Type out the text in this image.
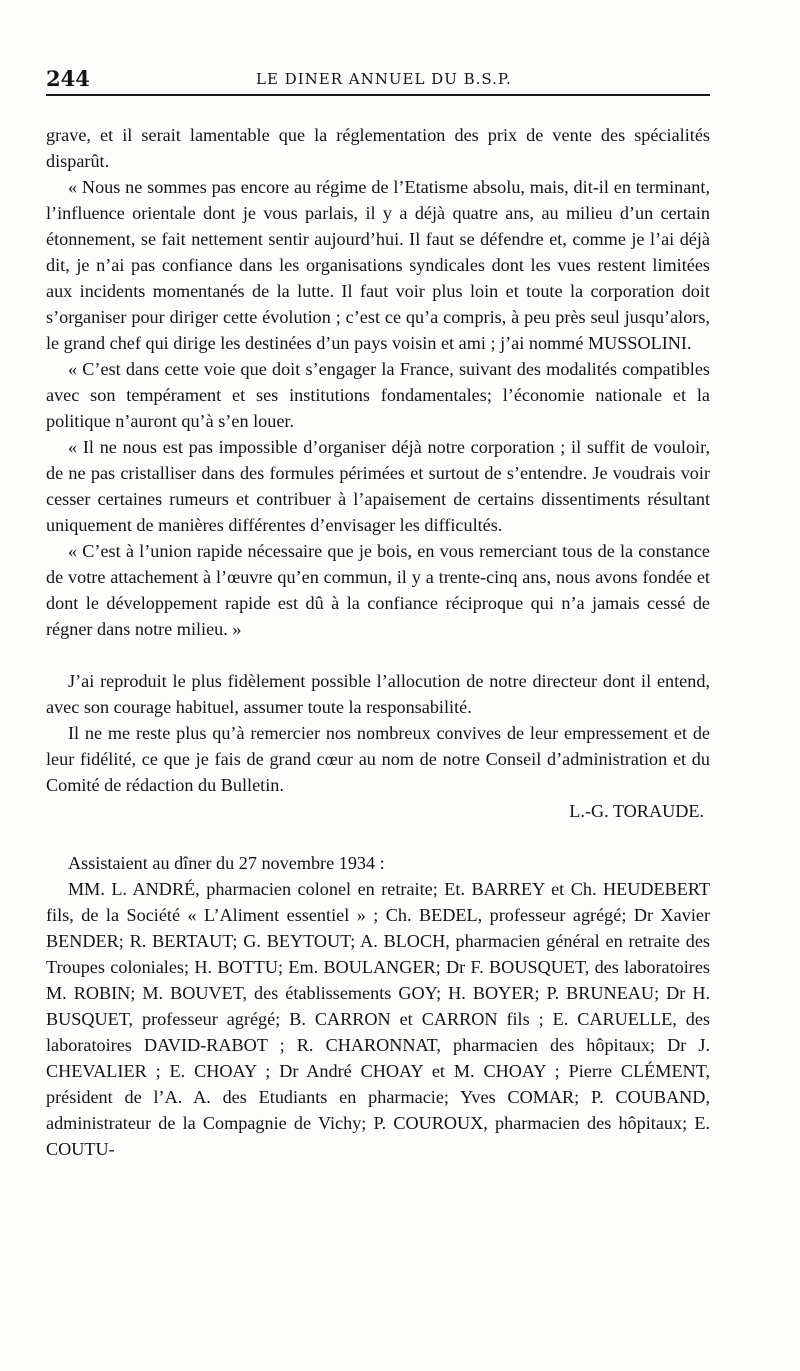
244	LE DINER ANNUEL DU B.S.P.

grave, et il serait lamentable que la réglementation des prix de vente des spécialités disparût.

« Nous ne sommes pas encore au régime de l’Etatisme absolu, mais, dit-il en terminant, l’influence orientale dont je vous parlais, il y a déjà quatre ans, au milieu d’un certain étonnement, se fait nettement sentir aujourd’hui. Il faut se défendre et, comme je l’ai déjà dit, je n’ai pas confiance dans les organisations syndicales dont les vues restent limitées aux incidents momentanés de la lutte. Il faut voir plus loin et toute la corporation doit s’organiser pour diriger cette évolution ; c’est ce qu’a compris, à peu près seul jusqu’alors, le grand chef qui dirige les destinées d’un pays voisin et ami ; j’ai nommé MUSSOLINI.

« C’est dans cette voie que doit s’engager la France, suivant des modalités compatibles avec son tempérament et ses institutions fondamentales; l’économie nationale et la politique n’auront qu’à s’en louer.

« Il ne nous est pas impossible d’organiser déjà notre corporation ; il suffit de vouloir, de ne pas cristalliser dans des formules périmées et surtout de s’entendre. Je voudrais voir cesser certaines rumeurs et contribuer à l’apaisement de certains dissentiments résultant uniquement de manières différentes d’envisager les difficultés.

« C’est à l’union rapide nécessaire que je bois, en vous remerciant tous de la constance de votre attachement à l’œuvre qu’en commun, il y a trente-cinq ans, nous avons fondée et dont le développement rapide est dû à la confiance réciproque qui n’a jamais cessé de régner dans notre milieu. »

J’ai reproduit le plus fidèlement possible l’allocution de notre directeur dont il entend, avec son courage habituel, assumer toute la responsabilité.

Il ne me reste plus qu’à remercier nos nombreux convives de leur empressement et de leur fidélité, ce que je fais de grand cœur au nom de notre Conseil d’administration et du Comité de rédaction du Bulletin.

L.-G. TORAUDE.

Assistaient au dîner du 27 novembre 1934 :

MM. L. ANDRÉ, pharmacien colonel en retraite; Et. BARREY et Ch. HEUDEBERT fils, de la Société « L’Aliment essentiel » ; Ch. BEDEL, professeur agrégé; Dr Xavier BENDER; R. BERTAUT; G. BEYTOUT; A. BLOCH, pharmacien général en retraite des Troupes coloniales; H. BOTTU; Em. BOULANGER; Dr F. BOUSQUET, des laboratoires M. ROBIN; M. BOUVET, des établissements GOY; H. BOYER; P. BRUNEAU; Dr H. BUSQUET, professeur agrégé; B. CARRON et CARRON fils ; E. CARUELLE, des laboratoires DAVID-RABOT ; R. CHARONNAT, pharmacien des hôpitaux; Dr J. CHEVALIER ; E. CHOAY ; Dr André CHOAY et M. CHOAY ; Pierre CLÉMENT, président de l’A. A. des Etudiants en pharmacie; Yves COMAR; P. COUBAND, administrateur de la Compagnie de Vichy; P. COUROUX, pharmacien des hôpitaux; E. COUTU-
